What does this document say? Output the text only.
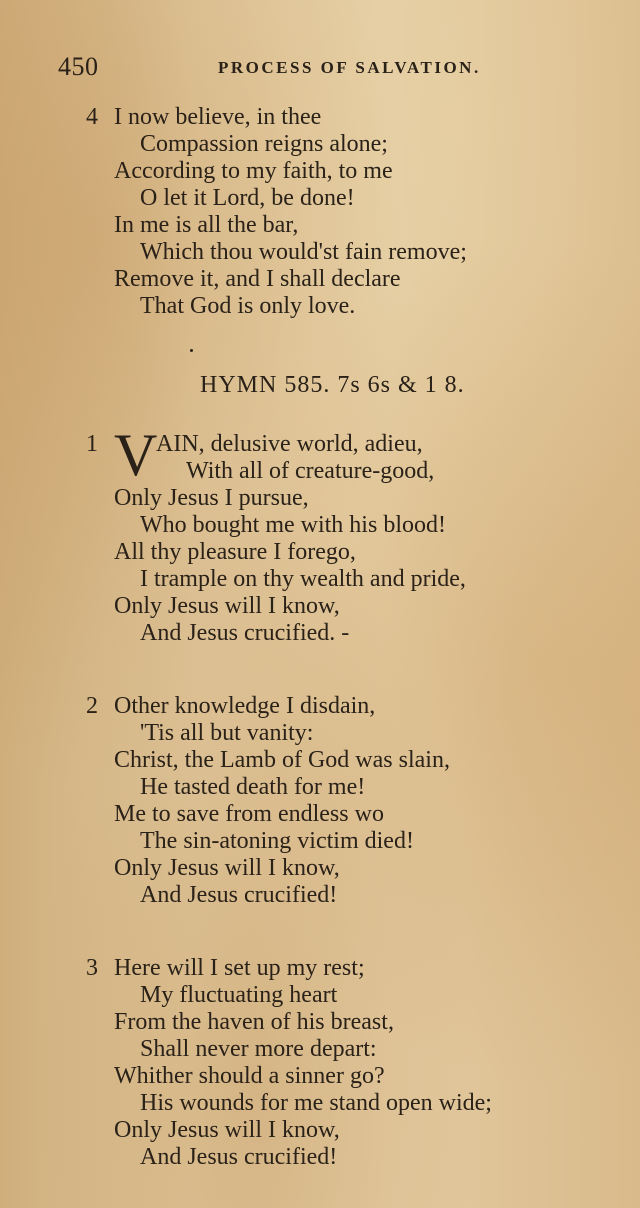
450	PROCESS OF SALVATION.
4 I now believe, in thee
Compassion reigns alone;
According to my faith, to me
O let it Lord, be done!
In me is all the bar,
Which thou would'st fain remove;
Remove it, and I shall declare
That God is only love.
HYMN 585. 7s 6s & 1 8.
1 V
AIN, delusive world, adieu,
With all of creature-good,
Only Jesus I pursue,
Who bought me with his blood!
All thy pleasure I forego,
I trample on thy wealth and pride,
Only Jesus will I know,
And Jesus crucified. -
2 Other knowledge I disdain,
'Tis all but vanity:
Christ, the Lamb of God was slain,
He tasted death for me!
Me to save from endless wo
The sin-atoning victim died!
Only Jesus will I know,
And Jesus crucified!
3 Here will I set up my rest;
My fluctuating heart
From the haven of his breast,
Shall never more depart:
Whither should a sinner go?
His wounds for me stand open wide;
Only Jesus will I know,
And Jesus crucified!
